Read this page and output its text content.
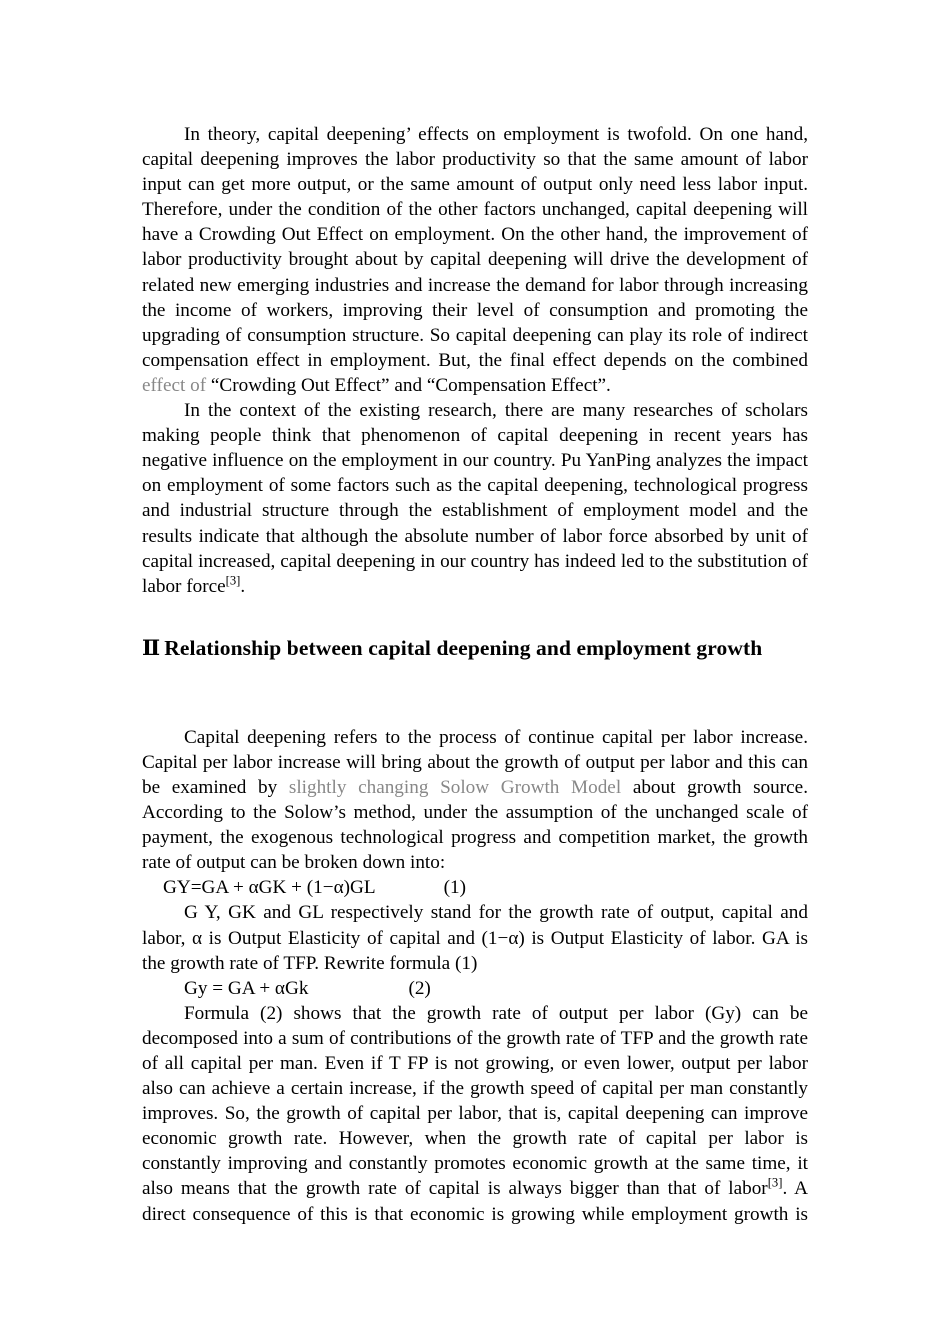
In theory, capital deepening’ effects on employment is twofold. On one hand, capital deepening improves the labor productivity so that the same amount of labor input can get more output, or the same amount of output only need less labor input. Therefore, under the condition of the other factors unchanged, capital deepening will have a Crowding Out Effect on employment. On the other hand, the improvement of labor productivity brought about by capital deepening will drive the development of related new emerging industries and increase the demand for labor through increasing the income of workers, improving their level of consumption and promoting the upgrading of consumption structure. So capital deepening can play its role of indirect compensation effect in employment. But, the final effect depends on the combined effect of “Crowding Out Effect” and “Compensation Effect”.

In the context of the existing research, there are many researches of scholars making people think that phenomenon of capital deepening in recent years has negative influence on the employment in our country. Pu YanPing analyzes the impact on employment of some factors such as the capital deepening, technological progress and industrial structure through the establishment of employment model and the results indicate that although the absolute number of labor force absorbed by unit of capital increased, capital deepening in our country has indeed led to the substitution of labor force[3].

Ⅱ Relationship between capital deepening and employment growth

Capital deepening refers to the process of continue capital per labor increase. Capital per labor increase will bring about the growth of output per labor and this can be examined by slightly changing Solow Growth Model about growth source. According to the Solow’s method, under the assumption of the unchanged scale of payment, the exogenous technological progress and competition market, the growth rate of output can be broken down into:

GY=GA + αGK + (1−α)GL	(1)

G Y, GK and GL respectively stand for the growth rate of output, capital and labor, α is Output Elasticity of capital and (1−α) is Output Elasticity of labor. GA is the growth rate of TFP. Rewrite formula (1)

Gy = GA + αGk	(2)

Formula (2) shows that the growth rate of output per labor (Gy) can be decomposed into a sum of contributions of the growth rate of TFP and the growth rate of all capital per man. Even if T FP is not growing, or even lower, output per labor also can achieve a certain increase, if the growth speed of capital per man constantly improves. So, the growth of capital per labor, that is, capital deepening can improve economic growth rate. However, when the growth rate of capital per labor is constantly improving and constantly promotes economic growth at the same time, it also means that the growth rate of capital is always bigger than that of labor[3]. A direct consequence of this is that economic is growing while employment growth is
